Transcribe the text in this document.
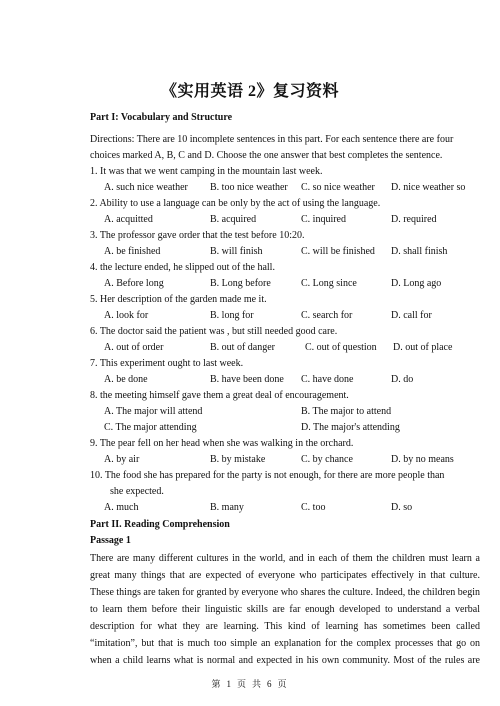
《实用英语 2》复习资料
Part I: Vocabulary and Structure
Directions: There are 10 incomplete sentences in this part. For each sentence there are four
choices marked A, B, C and D. Choose the one answer that best completes the sentence.
1. It was that we went camping in the mountain last week.
A. such nice weather B. too nice weather C. so nice weather D. nice weather so
2. Ability to use a language can be only by the act of using the language.
A. acquitted	B. acquired	C. inquired	D. required
3. The professor gave order that the test before 10:20.
A. be finished	B. will finish	C. will be finished D. shall finish
4. the lecture ended, he slipped out of the hall.
A. Before long	B. Long before	C. Long since	D. Long ago
5. Her description of the garden made me it.
A. look for	B. long for	C. search for	D. call for
6. The doctor said the patient was , but still needed good care.
A. out of order	B. out of danger	C. out of question D. out of place
7. This experiment ought to last week.
A. be done	B. have been done C. have done	D. do
8. the meeting himself gave them a great deal of encouragement.
A. The major will attend	B. The major to attend
C. The major attending	D. The major's attending
9. The pear fell on her head when she was walking in the orchard.
A. by air	B. by mistake	C. by chance	D. by no means
10. The food she has prepared for the party is not enough, for there are more people than
she expected.
A. much	B. many	C. too	D. so
Part II. Reading Comprehension
Passage 1
There are many different cultures in the world, and in each of them the children must learn a great many things that are expected of everyone who participates effectively in that culture. These things are taken for granted by everyone who shares the culture. Indeed, the children begin to learn them before their linguistic skills are far enough developed to understand a verbal description for what they are learning. This kind of learning has sometimes been called “imitation”, but that is much too simple an explanation for the complex processes that go on when a child learns what is normal and expected in his own community. Most of the rules are
第 1 页 共 6 页
